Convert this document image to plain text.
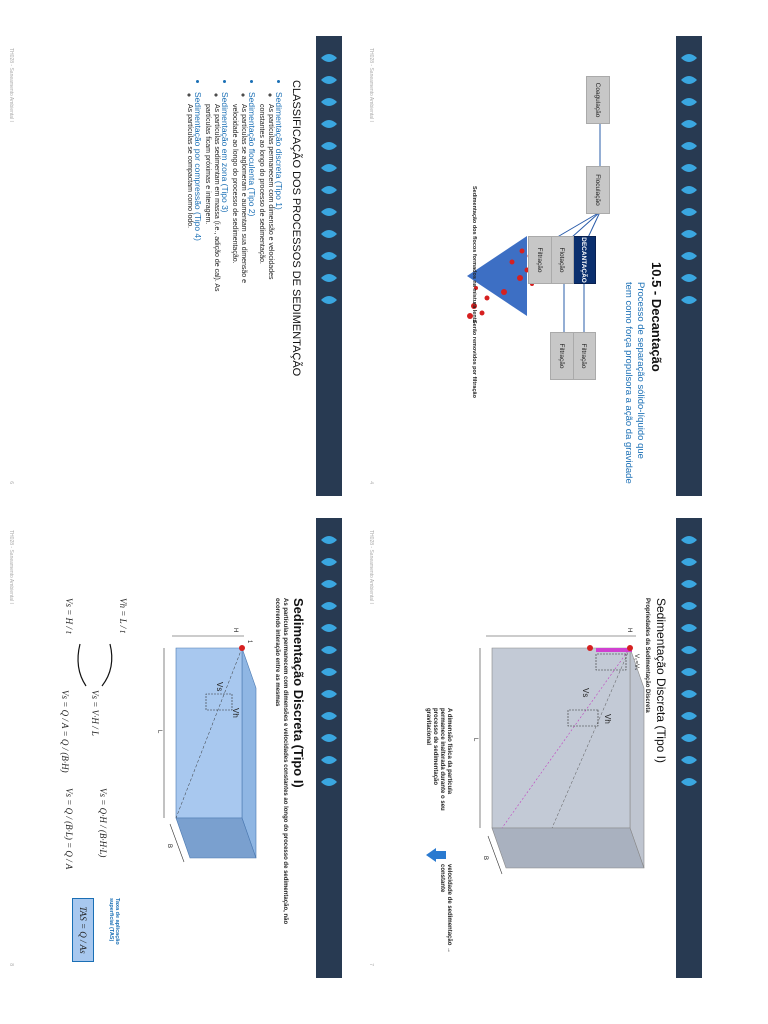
10.5 - Decantação
Processo de separação sólido-líquido que
tem como força propulsora a ação da gravidade
Coagulação
Floculação
DECANTAÇÃO
Flotação
Filtração
Filtração
Filtração
Sedimentação dos flocos formados na mistura lenta
Serão removidos por filtração
TH028 - Saneamento Ambiental I
4
CLASSIFICAÇÃO DOS PROCESSOS DE SEDIMENTAÇÃO
• Sedimentação discreta (Tipo 1)
◦ As partículas permanecem com dimensão e velocidades constantes ao longo do processo de sedimentação.
• Sedimentação floculenta (Tipo 2)
◦ As partículas se aglomeram e aumentam sua dimensão e velocidade ao longo do processo de sedimentação.
• Sedimentação em zona (Tipo 3)
◦ As partículas sedimentam em massa (i.e., adição de cal). As partículas ficam próximas e interagem.
• Sedimentação por compressão (Tipo 4)
◦ As partículas se compactam como lodo.
TH028 - Saneamento Ambiental I
6
Sedimentação Discreta (Tipo I)
Propriedades da Sedimentação Discreta
V₀=Vₛ
Vh
Vs
H
L
B
A dimensão física da partícula permanece inalterada durante o seu processo de sedimentação gravitacional
velocidade de sedimentação → constante
TH028 - Saneamento Ambiental I
7
Sedimentação Discreta (Tipo I)
As partículas permanecem com dimensões e velocidades constantes ao longo do processo de sedimentação, não ocorrendo interação entre as mesmas
1
Vh
Vs
H
L
B
Vh = L / t
Vs = H / t
Vs = V·H / L
Vs = Q / A = Q / (B·H)
Vs = Q·H / (B·H·L)
Vs = Q / (B·L) = Q / A
Taxa de aplicação superficial (TAS)
TAS = Q / As
TH028 - Saneamento Ambiental I
8
